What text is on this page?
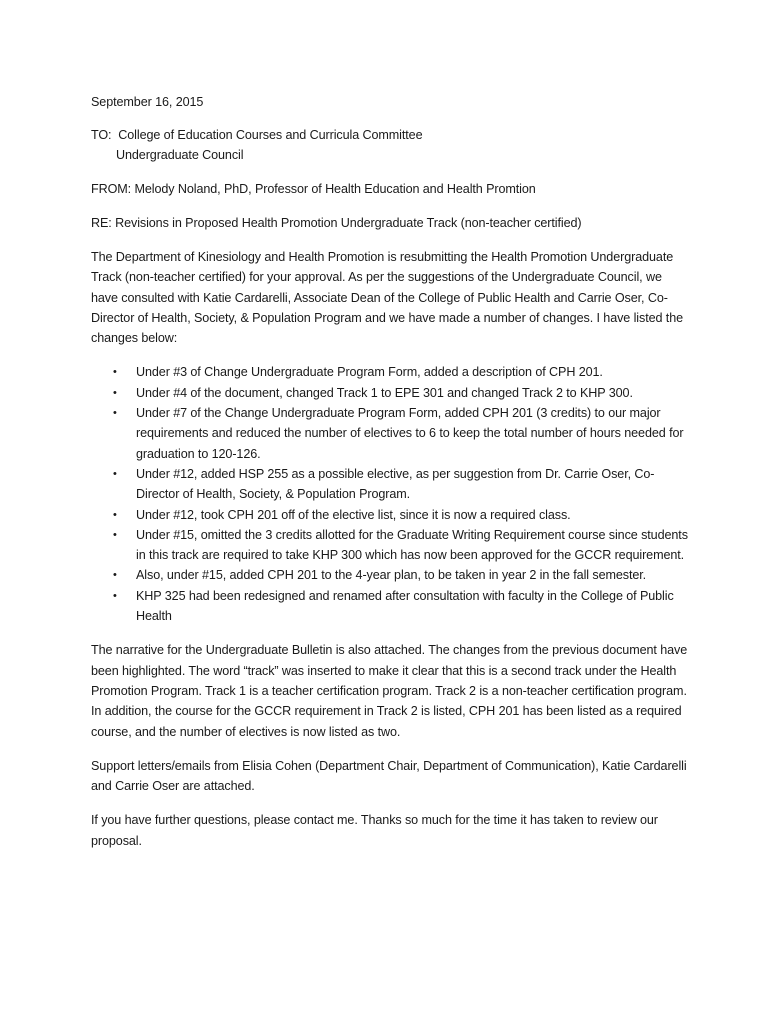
September 16, 2015

TO: College of Education Courses and Curricula Committee

Undergraduate Council

FROM: Melody Noland, PhD, Professor of Health Education and Health Promtion

RE: Revisions in Proposed Health Promotion Undergraduate Track (non-teacher certified)

The Department of Kinesiology and Health Promotion is resubmitting the Health Promotion Undergraduate Track (non-teacher certified) for your approval. As per the suggestions of the Undergraduate Council, we have consulted with Katie Cardarelli, Associate Dean of the College of Public Health and Carrie Oser, Co-Director of Health, Society, & Population Program and we have made a number of changes. I have listed the changes below:

• Under #3 of Change Undergraduate Program Form, added a description of CPH 201.
• Under #4 of the document, changed Track 1 to EPE 301 and changed Track 2 to KHP 300.
• Under #7 of the Change Undergraduate Program Form, added CPH 201 (3 credits) to our major requirements and reduced the number of electives to 6 to keep the total number of hours needed for graduation to 120-126.
• Under #12, added HSP 255 as a possible elective, as per suggestion from Dr. Carrie Oser, Co-Director of Health, Society, & Population Program.
• Under #12, took CPH 201 off of the elective list, since it is now a required class.
• Under #15, omitted the 3 credits allotted for the Graduate Writing Requirement course since students in this track are required to take KHP 300 which has now been approved for the GCCR requirement.
• Also, under #15, added CPH 201 to the 4-year plan, to be taken in year 2 in the fall semester.
• KHP 325 had been redesigned and renamed after consultation with faculty in the College of Public Health

The narrative for the Undergraduate Bulletin is also attached. The changes from the previous document have been highlighted. The word “track” was inserted to make it clear that this is a second track under the Health Promotion Program. Track 1 is a teacher certification program. Track 2 is a non-teacher certification program. In addition, the course for the GCCR requirement in Track 2 is listed, CPH 201 has been listed as a required course, and the number of electives is now listed as two.

Support letters/emails from Elisia Cohen (Department Chair, Department of Communication), Katie Cardarelli and Carrie Oser are attached.

If you have further questions, please contact me. Thanks so much for the time it has taken to review our proposal.
